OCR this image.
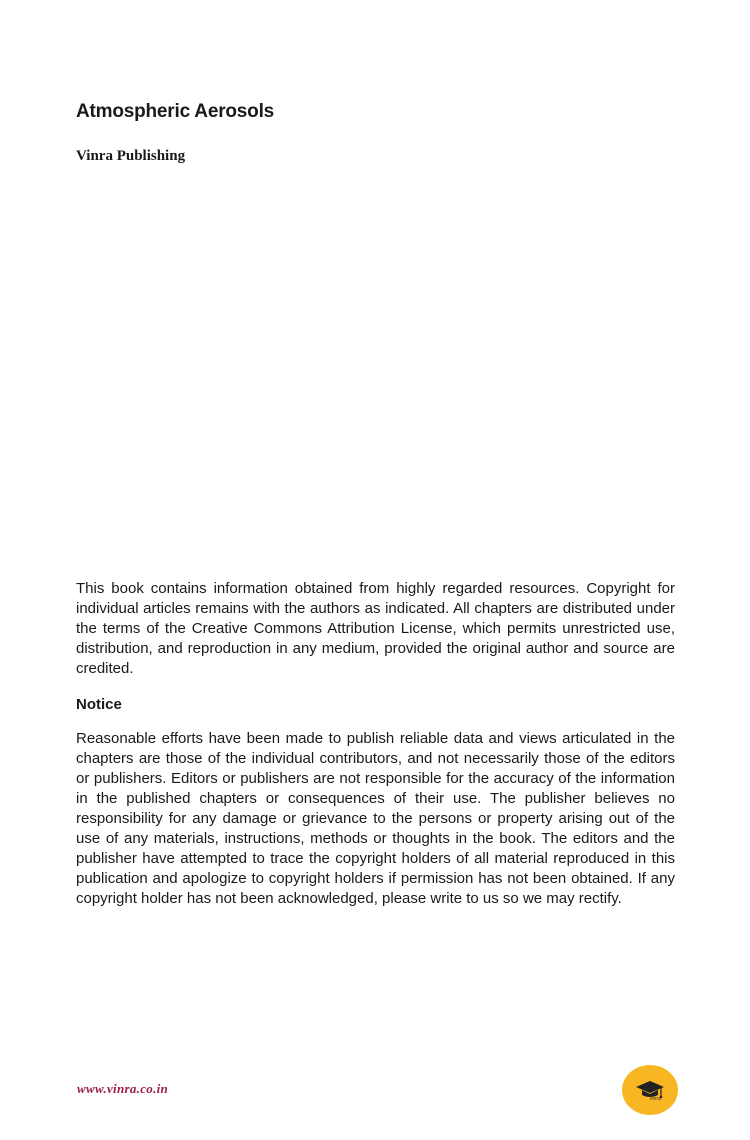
Atmospheric Aerosols

Vinra Publishing

This book contains information obtained from highly regarded resources. Copyright for individual articles remains with the authors as indicated. All chapters are distributed under the terms of the Creative Commons Attribution License, which permits unrestricted use, distribution, and reproduction in any medium, provided the original author and source are credited.

Notice

Reasonable efforts have been made to publish reliable data and views articulated in the chapters are those of the individual contributors, and not necessarily those of the editors or publishers. Editors or publishers are not responsible for the accuracy of the information in the published chapters or consequences of their use. The publisher believes no responsibility for any damage or grievance to the persons or property arising out of the use of any materials, instructions, methods or thoughts in the book. The editors and the publisher have attempted to trace the copyright holders of all material reproduced in this publication and apologize to copyright holders if permission has not been obtained. If any copyright holder has not been acknowledged, please write to us so we may rectify.

www.vinra.co.in
Vinra
